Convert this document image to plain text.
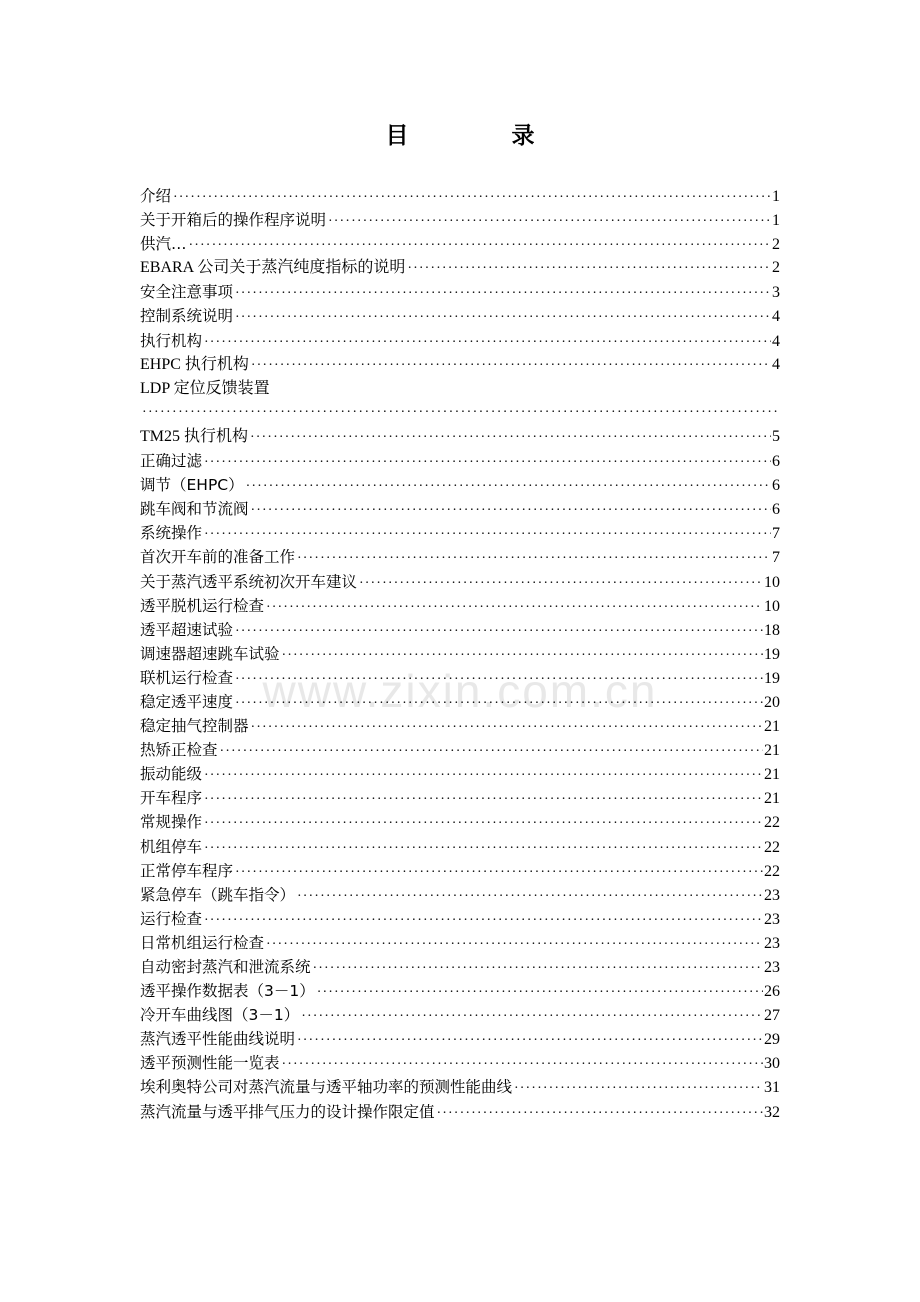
目　录
www.zixin.com.cn
介绍 ·····	1
关于开箱后的操作程序说明 ·····	1
供汽… ·····	2
EBARA 公司关于蒸汽纯度指标的说明 ·····	2
安全注意事项 ·····	3
控制系统说明 ·····	4
执行机构 ·····	4
EHPC 执行机构 ·····	4
LDP 定位反馈装置
·····
TM25 执行机构 ·····	5
正确过滤 ·····	6
调节（EHPC） ·····	6
跳车阀和节流阀 ·····	6
系统操作 ·····	7
首次开车前的准备工作 ·····	7
关于蒸汽透平系统初次开车建议 ·····	10
透平脱机运行检查 ·····	10
透平超速试验 ·····	18
调速器超速跳车试验 ·····	19
联机运行检查 ·····	19
稳定透平速度 ·····	20
稳定抽气控制器 ·····	21
热矫正检查 ·····	21
振动能级 ·····	21
开车程序 ·····	21
常规操作 ·····	22
机组停车 ·····	22
正常停车程序 ·····	22
紧急停车（跳车指令） ·····	23
运行检查 ·····	23
日常机组运行检查 ·····	23
自动密封蒸汽和泄流系统 ·····	23
透平操作数据表（3－1） ·····	26
冷开车曲线图（3－1） ·····	27
蒸汽透平性能曲线说明 ·····	29
透平预测性能一览表 ·····	30
埃利奥特公司对蒸汽流量与透平轴功率的预测性能曲线 ·····	31
蒸汽流量与透平排气压力的设计操作限定值 ·····	32
